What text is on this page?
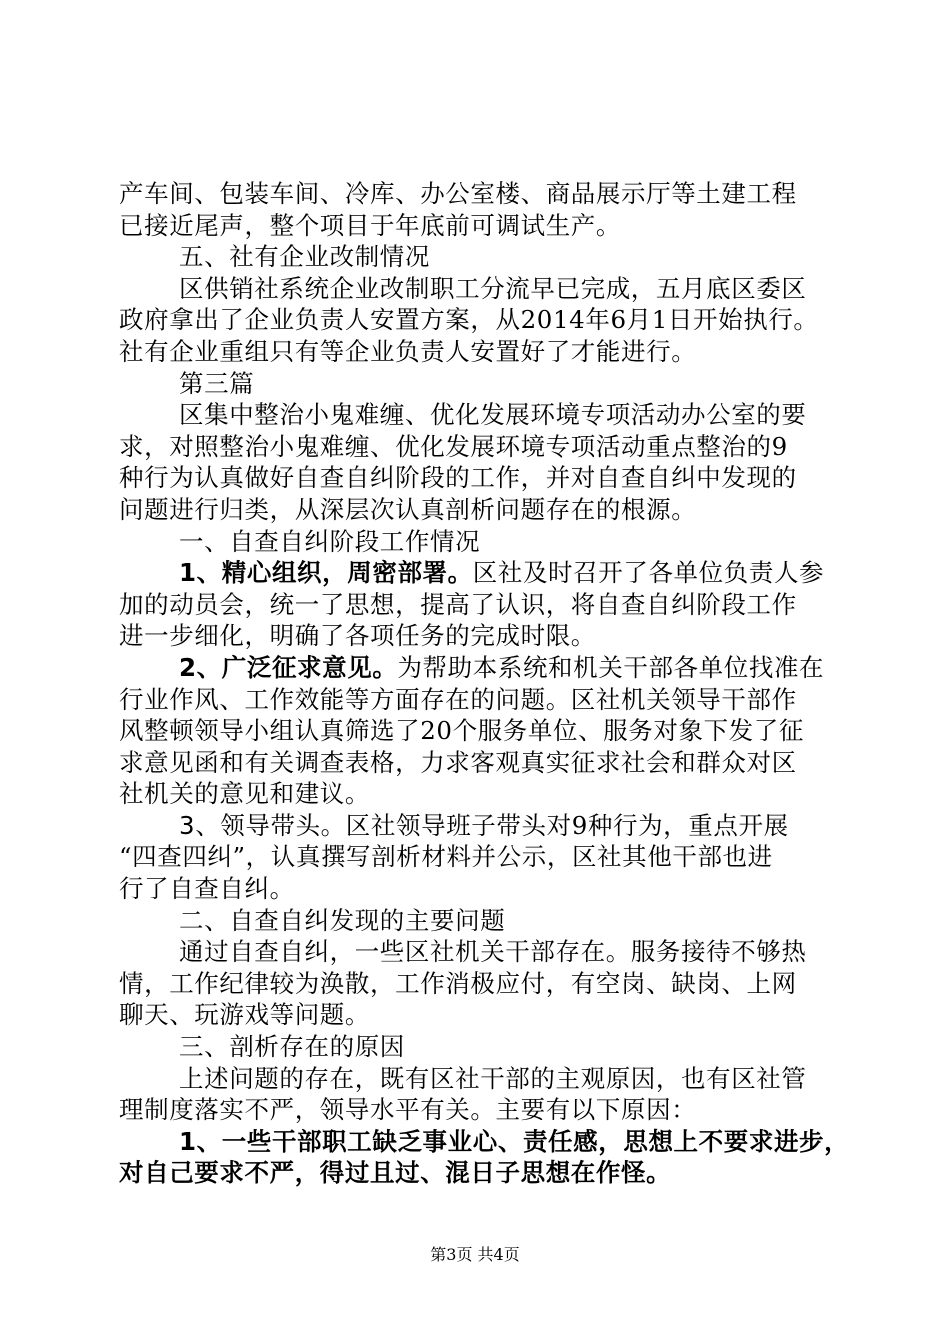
产车间、包装车间、冷库、办公室楼、商品展示厅等土建工程

已接近尾声，整个项目于年底前可调试生产。

五、社有企业改制情况

区供销社系统企业改制职工分流早已完成，五月底区委区

政府拿出了企业负责人安置方案，从2014年6月1日开始执行。

社有企业重组只有等企业负责人安置好了才能进行。

第三篇

区集中整治小鬼难缠、优化发展环境专项活动办公室的要

求，对照整治小鬼难缠、优化发展环境专项活动重点整治的9

种行为认真做好自查自纠阶段的工作，并对自查自纠中发现的

问题进行归类，从深层次认真剖析问题存在的根源。

一、自查自纠阶段工作情况

1、精心组织，周密部署。区社及时召开了各单位负责人参

加的动员会，统一了思想，提高了认识，将自查自纠阶段工作

进一步细化，明确了各项任务的完成时限。

2、广泛征求意见。为帮助本系统和机关干部各单位找准在

行业作风、工作效能等方面存在的问题。区社机关领导干部作

风整顿领导小组认真筛选了20个服务单位、服务对象下发了征

求意见函和有关调查表格，力求客观真实征求社会和群众对区

社机关的意见和建议。

3、领导带头。区社领导班子带头对9种行为，重点开展

“四查四纠”，认真撰写剖析材料并公示，区社其他干部也进

行了自查自纠。

二、自查自纠发现的主要问题

通过自查自纠，一些区社机关干部存在。服务接待不够热

情，工作纪律较为涣散，工作消极应付，有空岗、缺岗、上网

聊天、玩游戏等问题。

三、剖析存在的原因

上述问题的存在，既有区社干部的主观原因，也有区社管

理制度落实不严，领导水平有关。主要有以下原因：

1、一些干部职工缺乏事业心、责任感，思想上不要求进步，

对自己要求不严，得过且过、混日子思想在作怪。

第3页 共4页
